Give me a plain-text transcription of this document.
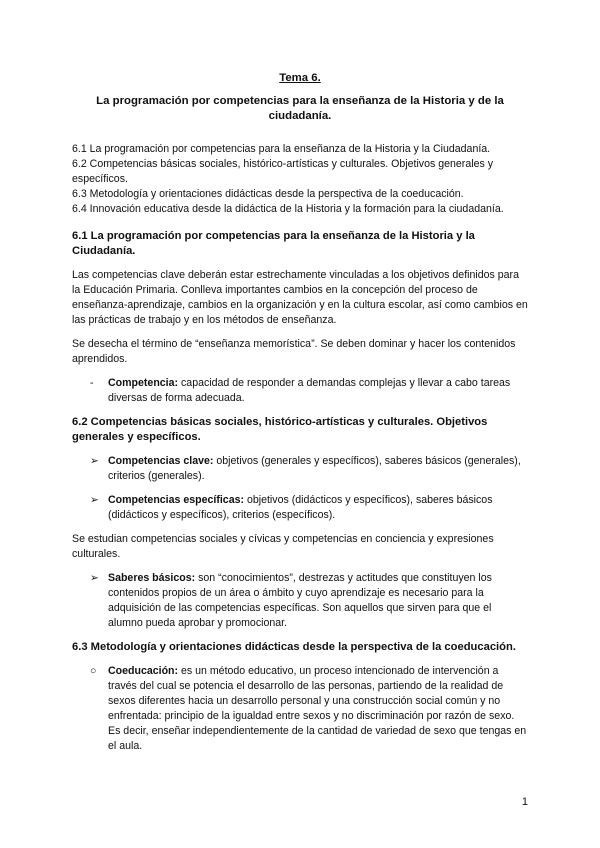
Tema 6.
La programación por competencias para la enseñanza de la Historia y de la ciudadanía.
6.1 La programación por competencias para la enseñanza de la Historia y la Ciudadanía.
6.2 Competencias básicas sociales, histórico-artísticas y culturales. Objetivos generales y específicos.
6.3 Metodología y orientaciones didácticas desde la perspectiva de la coeducación.
6.4 Innovación educativa desde la didáctica de la Historia y la formación para la ciudadanía.
6.1 La programación por competencias para la enseñanza de la Historia y la Ciudadanía.

Las competencias clave deberán estar estrechamente vinculadas a los objetivos definidos para la Educación Primaria. Conlleva importantes cambios en la concepción del proceso de enseñanza-aprendizaje, cambios en la organización y en la cultura escolar, así como cambios en las prácticas de trabajo y en los métodos de enseñanza.

Se desecha el término de “enseñanza memorística”. Se deben dominar y hacer los contenidos aprendidos.

- Competencia: capacidad de responder a demandas complejas y llevar a cabo tareas diversas de forma adecuada.
6.2 Competencias básicas sociales, histórico-artísticas y culturales. Objetivos generales y específicos.
➢ Competencias clave: objetivos (generales y específicos), saberes básicos (generales), criterios (generales).
➢ Competencias específicas: objetivos (didácticos y específicos), saberes básicos (didácticos y específicos), criterios (específicos).

Se estudian competencias sociales y cívicas y competencias en conciencia y expresiones culturales.

➢ Saberes básicos: son “conocimientos”, destrezas y actitudes que constituyen los contenidos propios de un área o ámbito y cuyo aprendizaje es necesario para la adquisición de las competencias específicas. Son aquellos que sirven para que el alumno pueda aprobar y promocionar.
6.3 Metodología y orientaciones didácticas desde la perspectiva de la coeducación.
○ Coeducación: es un método educativo, un proceso intencionado de intervención a través del cual se potencia el desarrollo de las personas, partiendo de la realidad de sexos diferentes hacia un desarrollo personal y una construcción social común y no enfrentada: principio de la igualdad entre sexos y no discriminación por razón de sexo. Es decir, enseñar independientemente de la cantidad de variedad de sexo que tengas en el aula.
1
